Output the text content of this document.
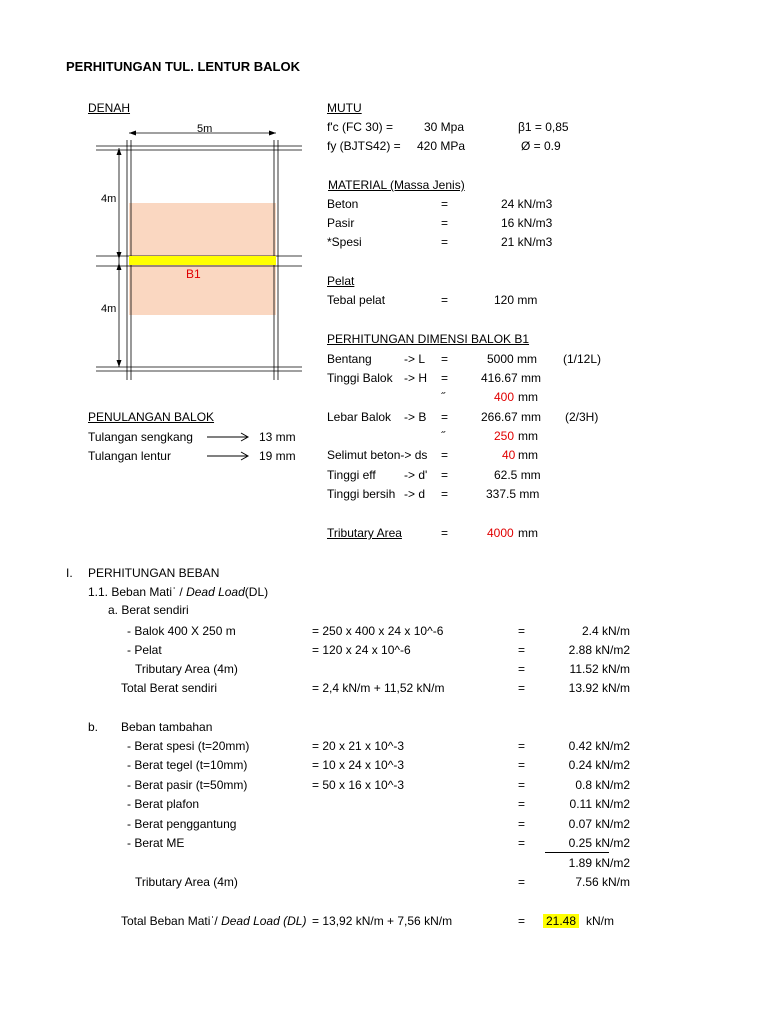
PERHITUNGAN TUL. LENTUR BALOK
DENAH
5m
4m
4m
B1
MUTU
f'c (FC 30) =	30 Mpa	β1 = 0,85
fy (BJTS42) = 420 MPa	Ø = 0.9
MATERIAL (Massa Jenis)
Beton	=	24 kN/m3
Pasir	=	16 kN/m3
*Spesi	=	21 kN/m3
Pelat
Tebal pelat	=	120 mm
PERHITUNGAN DIMENSI BALOK B1
Bentang	-> L =	5000 mm (1/12L)
Tinggi Balok -> H =	416.67 mm
˝	400 mm
Lebar Balok -> B =	266.67 mm (2/3H)
˝	250 mm
Selimut beton-> ds =	40 mm
Tinggi eff -> d' =	62.5 mm
Tinggi bersih -> d =	337.5 mm
Tributary Area	=	4000 mm
PENULANGAN BALOK
Tulangan sengkang	13 mm
Tulangan lentur	19 mm
I. PERHITUNGAN BEBAN
1.1. Beban Matiˈ / Dead Load(DL)
a. Berat sendiri
- Balok 400 X 250 m	= 250 x 400 x 24 x 10^-6	=	2.4 kN/m
- Pelat	= 120 x 24 x 10^-6	=	2.88 kN/m2
Tributary Area (4m)	=	11.52 kN/m
Total Berat sendiri	= 2,4 kN/m + 11,52 kN/m	=	13.92 kN/m
b. Beban tambahan
- Berat spesi (t=20mm)	= 20 x 21 x 10^-3	=	0.42 kN/m2
- Berat tegel (t=10mm)	= 10 x 24 x 10^-3	=	0.24 kN/m2
- Berat pasir (t=50mm)	= 50 x 16 x 10^-3	=	0.8 kN/m2
- Berat plafon	=	0.11 kN/m2
- Berat penggantung	=	0.07 kN/m2
- Berat ME	=	0.25 kN/m2
1.89 kN/m2
Tributary Area (4m)	=	7.56 kN/m
Total Beban Matiˈ/ Dead Load (DL) = 13,92 kN/m + 7,56 kN/m	= 21.48 kN/m
